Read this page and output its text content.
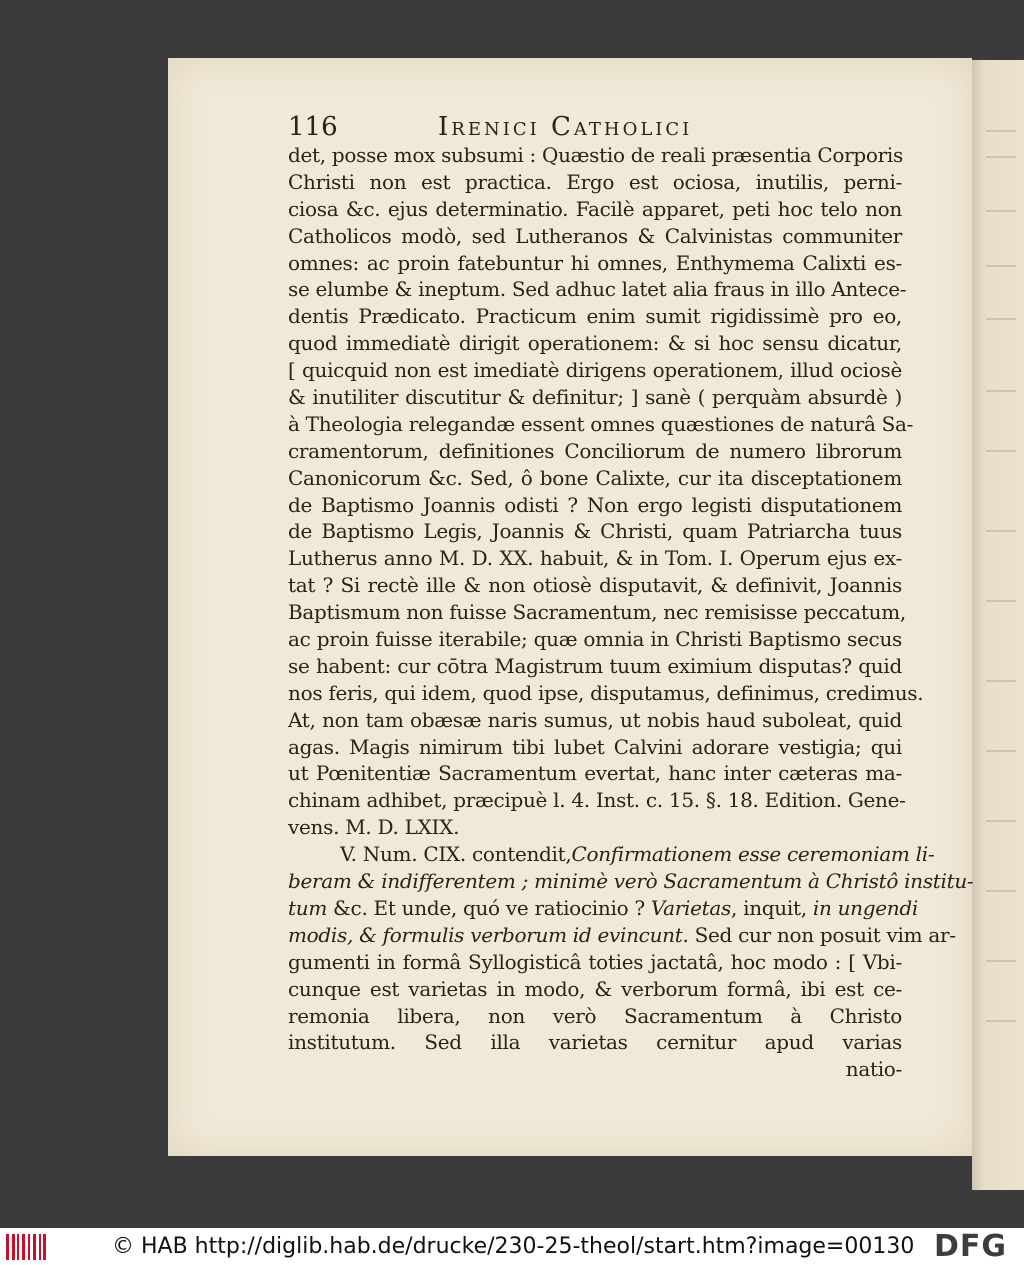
116	Irenici Catholici
det, posse mox subsumi : Quæstio de reali præsentia Corporis
Christi non est practica. Ergo est ociosa, inutilis, perni-
ciosa &c. ejus determinatio. Facilè apparet, peti hoc telo non
Catholicos modò, sed Lutheranos & Calvinistas communiter
omnes: ac proin fatebuntur hi omnes, Enthymema Calixti es-
se elumbe & ineptum. Sed adhuc latet alia fraus in illo Antece-
dentis Prædicato. Practicum enim sumit rigidissimè pro eo,
quod immediatè dirigit operationem: & si hoc sensu dicatur,
[ quicquid non est imediatè dirigens operationem, illud ociosè
& inutiliter discutitur & definitur; ] sanè ( perquàm absurdè )
à Theologia relegandæ essent omnes quæstiones de naturâ Sa-
cramentorum, definitiones Conciliorum de numero librorum
Canonicorum &c. Sed, ô bone Calixte, cur ita disceptationem
de Baptismo Joannis odisti ? Non ergo legisti disputationem
de Baptismo Legis, Joannis & Christi, quam Patriarcha tuus
Lutherus anno M. D. XX. habuit, & in Tom. I. Operum ejus ex-
tat ? Si rectè ille & non otiosè disputavit, & definivit, Joannis
Baptismum non fuisse Sacramentum, nec remisisse peccatum,
ac proin fuisse iterabile; quæ omnia in Christi Baptismo secus
se habent: cur cōtra Magistrum tuum eximium disputas? quid
nos feris, qui idem, quod ipse, disputamus, definimus, credimus.
At, non tam obæsæ naris sumus, ut nobis haud suboleat, quid
agas. Magis nimirum tibi lubet Calvini adorare vestigia; qui
ut Pœnitentiæ Sacramentum evertat, hanc inter cæteras ma-
chinam adhibet, præcipuè l. 4. Inst. c. 15. §. 18. Edition. Gene-
vens. M. D. LXIX.
V. Num. CIX. contendit,Confirmationem esse ceremoniam li-
beram & indifferentem ; minimè verò Sacramentum à Christô institu-
tum &c. Et unde, quó ve ratiocinio ? Varietas, inquit, in ungendi
modis, & formulis verborum id evincunt. Sed cur non posuit vim ar-
gumenti in formâ Syllogisticâ toties jactatâ, hoc modo : [ Vbi-
cunque est varietas in modo, & verborum formâ, ibi est ce-
remonia libera, non verò Sacramentum à Christo
institutum. Sed illa varietas cernitur apud varias
natio-
© HAB http://diglib.hab.de/drucke/230-25-theol/start.htm?image=00130 DFG
